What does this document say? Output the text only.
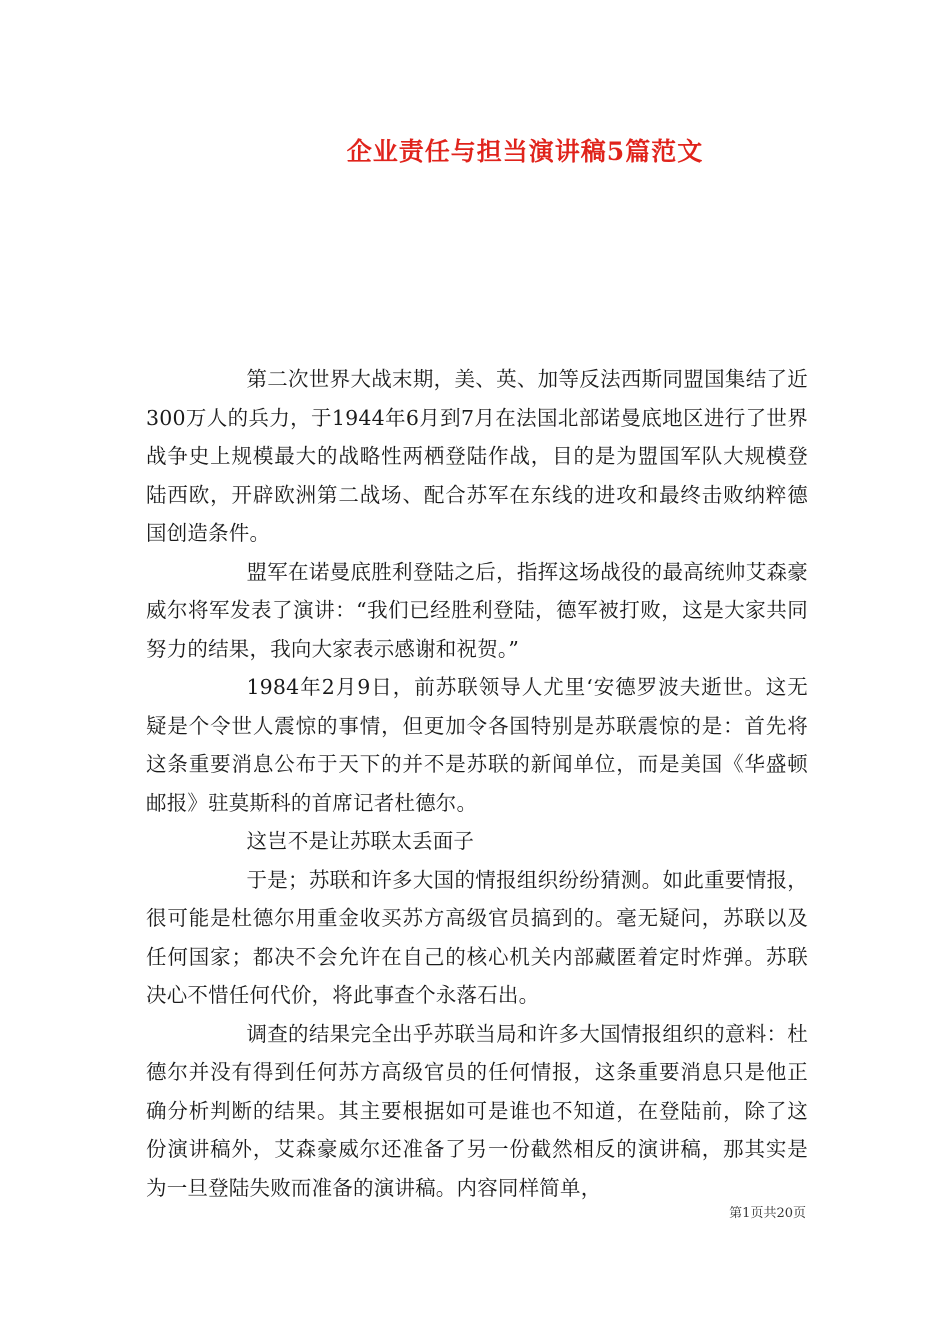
企业责任与担当演讲稿5篇范文

第二次世界大战末期，美、英、加等反法西斯同盟国集结了近300万人的兵力，于1944年6月到7月在法国北部诺曼底地区进行了世界战争史上规模最大的战略性两栖登陆作战，目的是为盟国军队大规模登陆西欧，开辟欧洲第二战场、配合苏军在东线的进攻和最终击败纳粹德国创造条件。

盟军在诺曼底胜利登陆之后，指挥这场战役的最高统帅艾森豪威尔将军发表了演讲：“我们已经胜利登陆，德军被打败，这是大家共同努力的结果，我向大家表示感谢和祝贺。”

1984年2月9日，前苏联领导人尤里‘安德罗波夫逝世。这无疑是个令世人震惊的事情，但更加令各国特别是苏联震惊的是：首先将这条重要消息公布于天下的并不是苏联的新闻单位，而是美国《华盛顿邮报》驻莫斯科的首席记者杜德尔。

这岂不是让苏联太丢面子

于是；苏联和许多大国的情报组织纷纷猜测。如此重要情报，很可能是杜德尔用重金收买苏方高级官员搞到的。毫无疑问，苏联以及任何国家；都决不会允许在自己的核心机关内部藏匿着定时炸弹。苏联决心不惜任何代价，将此事查个永落石出。

调查的结果完全出乎苏联当局和许多大国情报组织的意料：杜德尔并没有得到任何苏方高级官员的任何情报，这条重要消息只是他正确分析判断的结果。其主要根据如可是谁也不知道，在登陆前，除了这份演讲稿外，艾森豪威尔还准备了另一份截然相反的演讲稿，那其实是为一旦登陆失败而准备的演讲稿。内容同样简单，

第1页共20页
